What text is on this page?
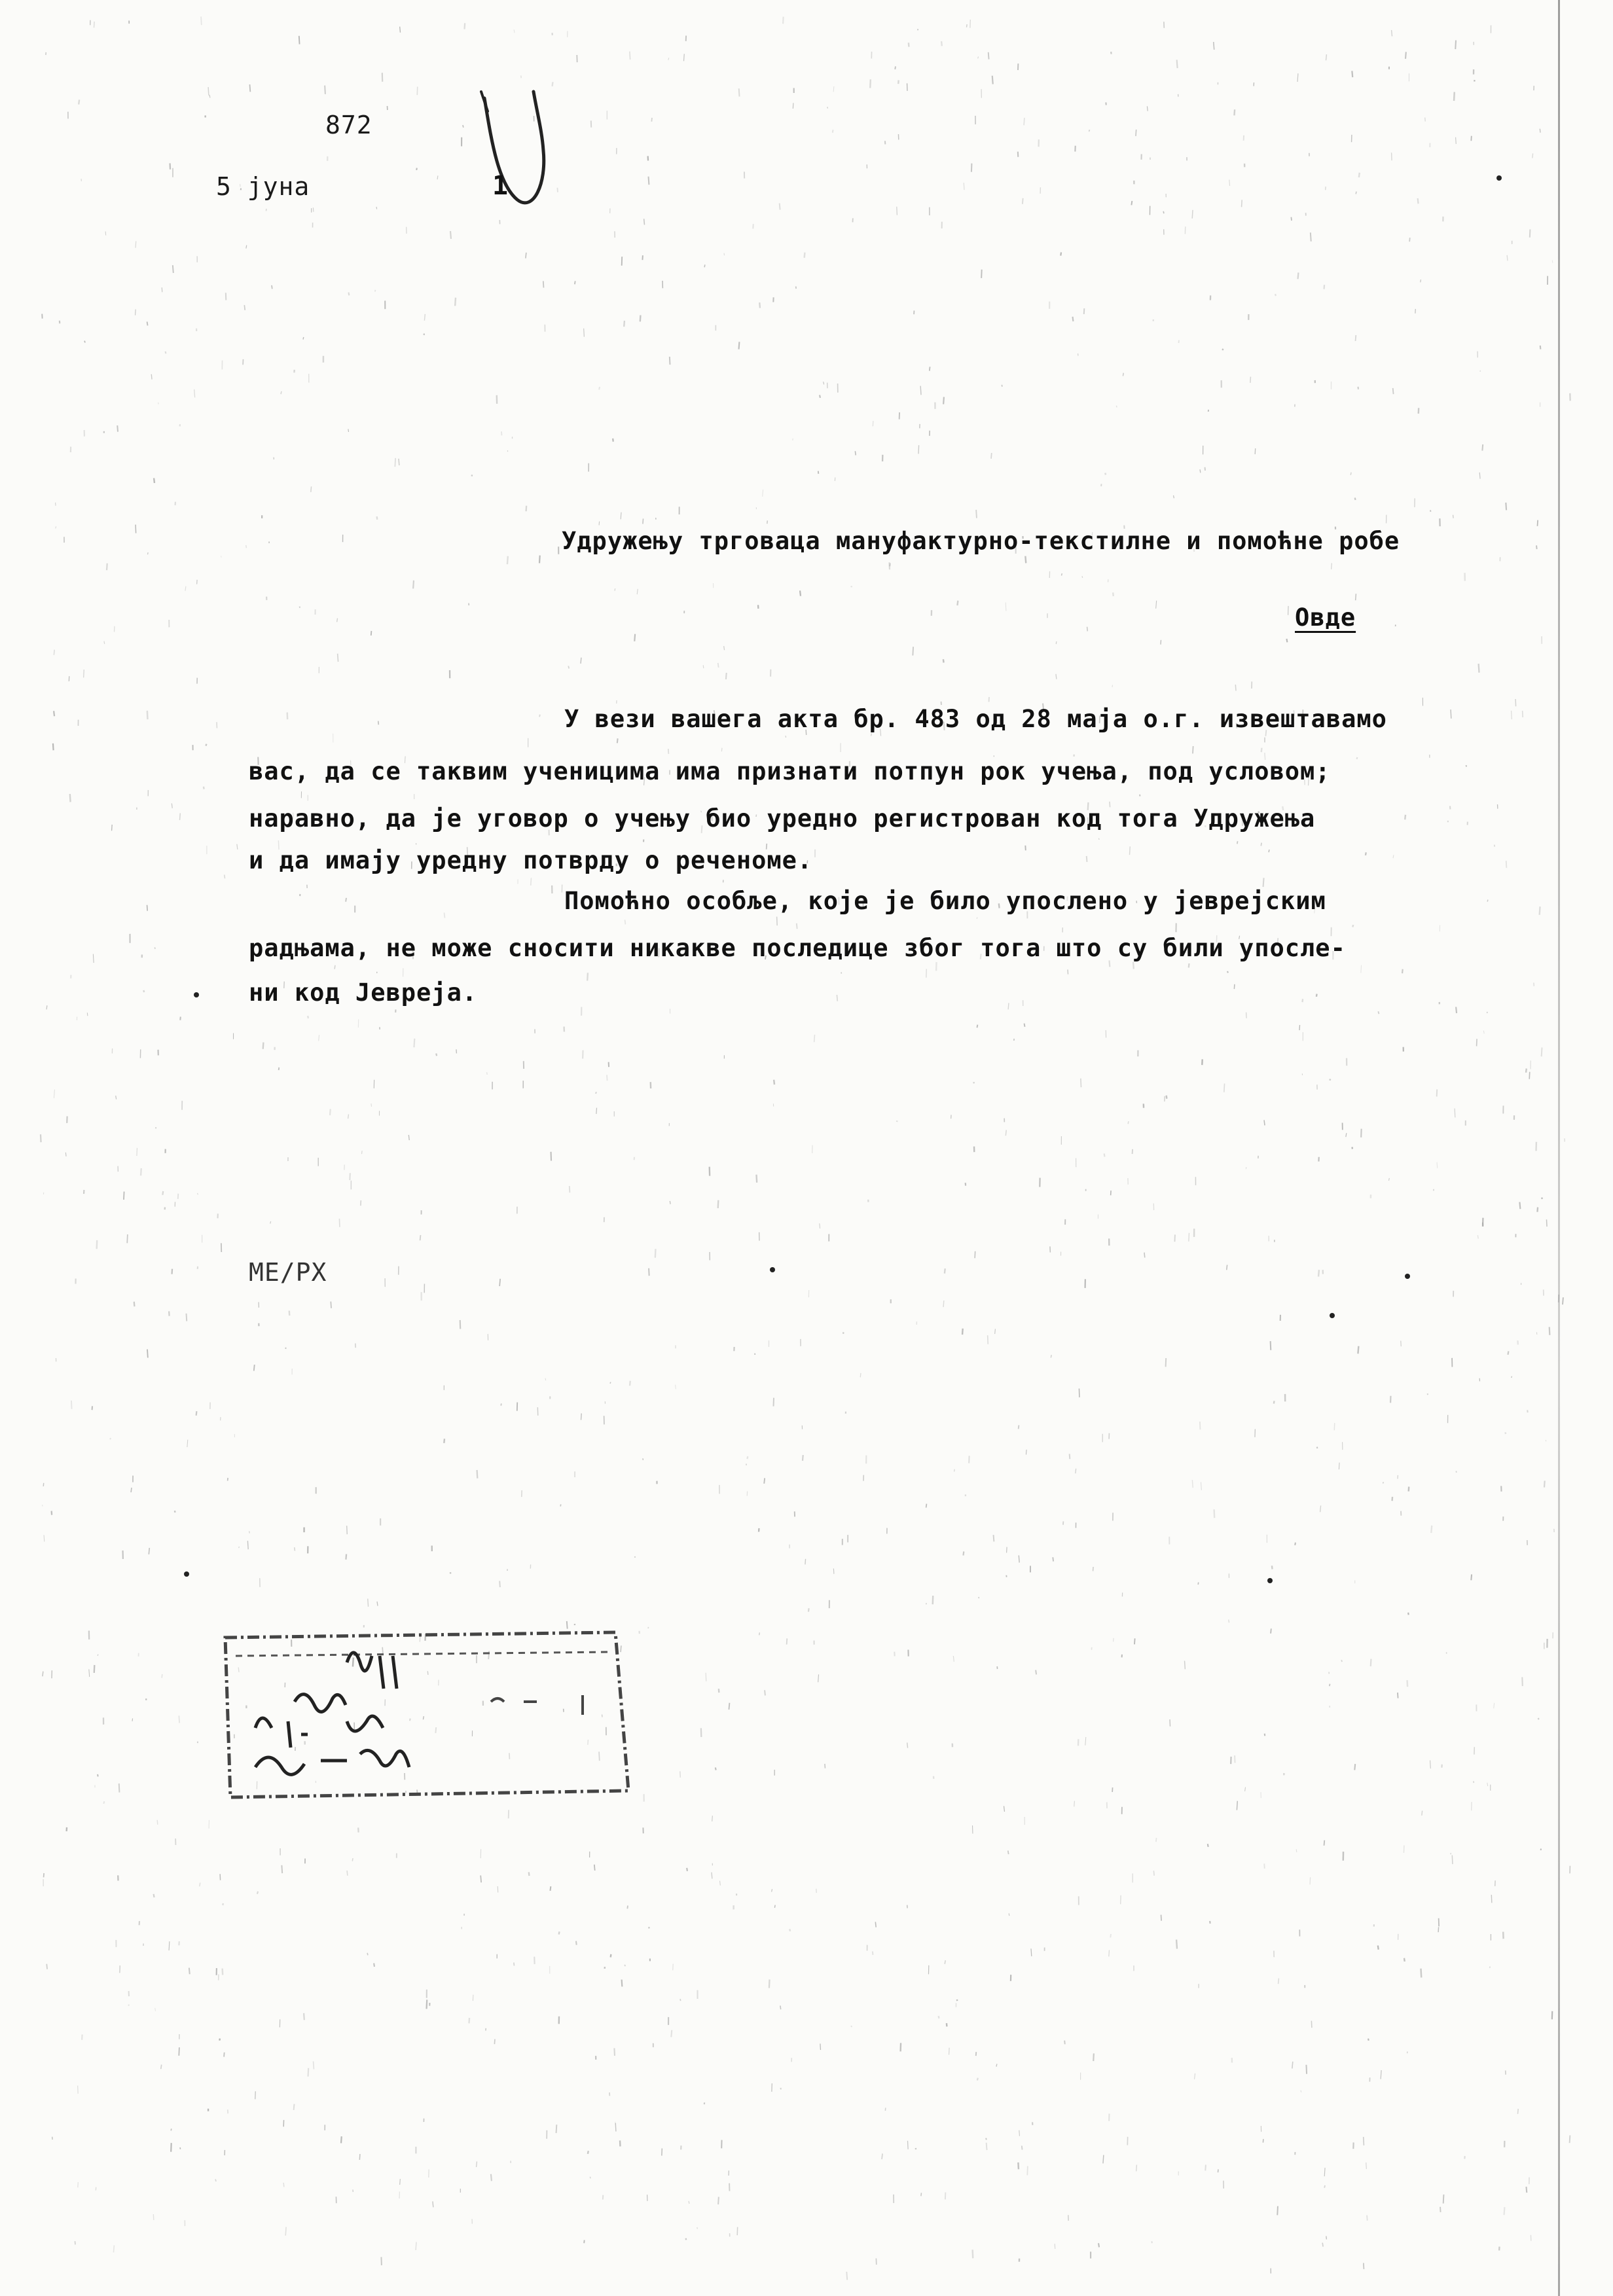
872
5 јуна	1
Удружењу трговаца мануфактурно-текстилне и помоћне робе
Овде
У вези вашега акта бр. 483 од 28 маја о.г. извештавамо
вас, да се таквим ученицима има признати потпун рок учења, под условом;
наравно, да је уговор о учењу био уредно регистрован код тога Удружења
и да имају уредну потврду о реченоме.
Помоћно особље, које је било упослено у јеврејским
радњама, не може сносити никакве последице због тога што су били упосле-
ни код Јевреја.
МЕ/РХ
